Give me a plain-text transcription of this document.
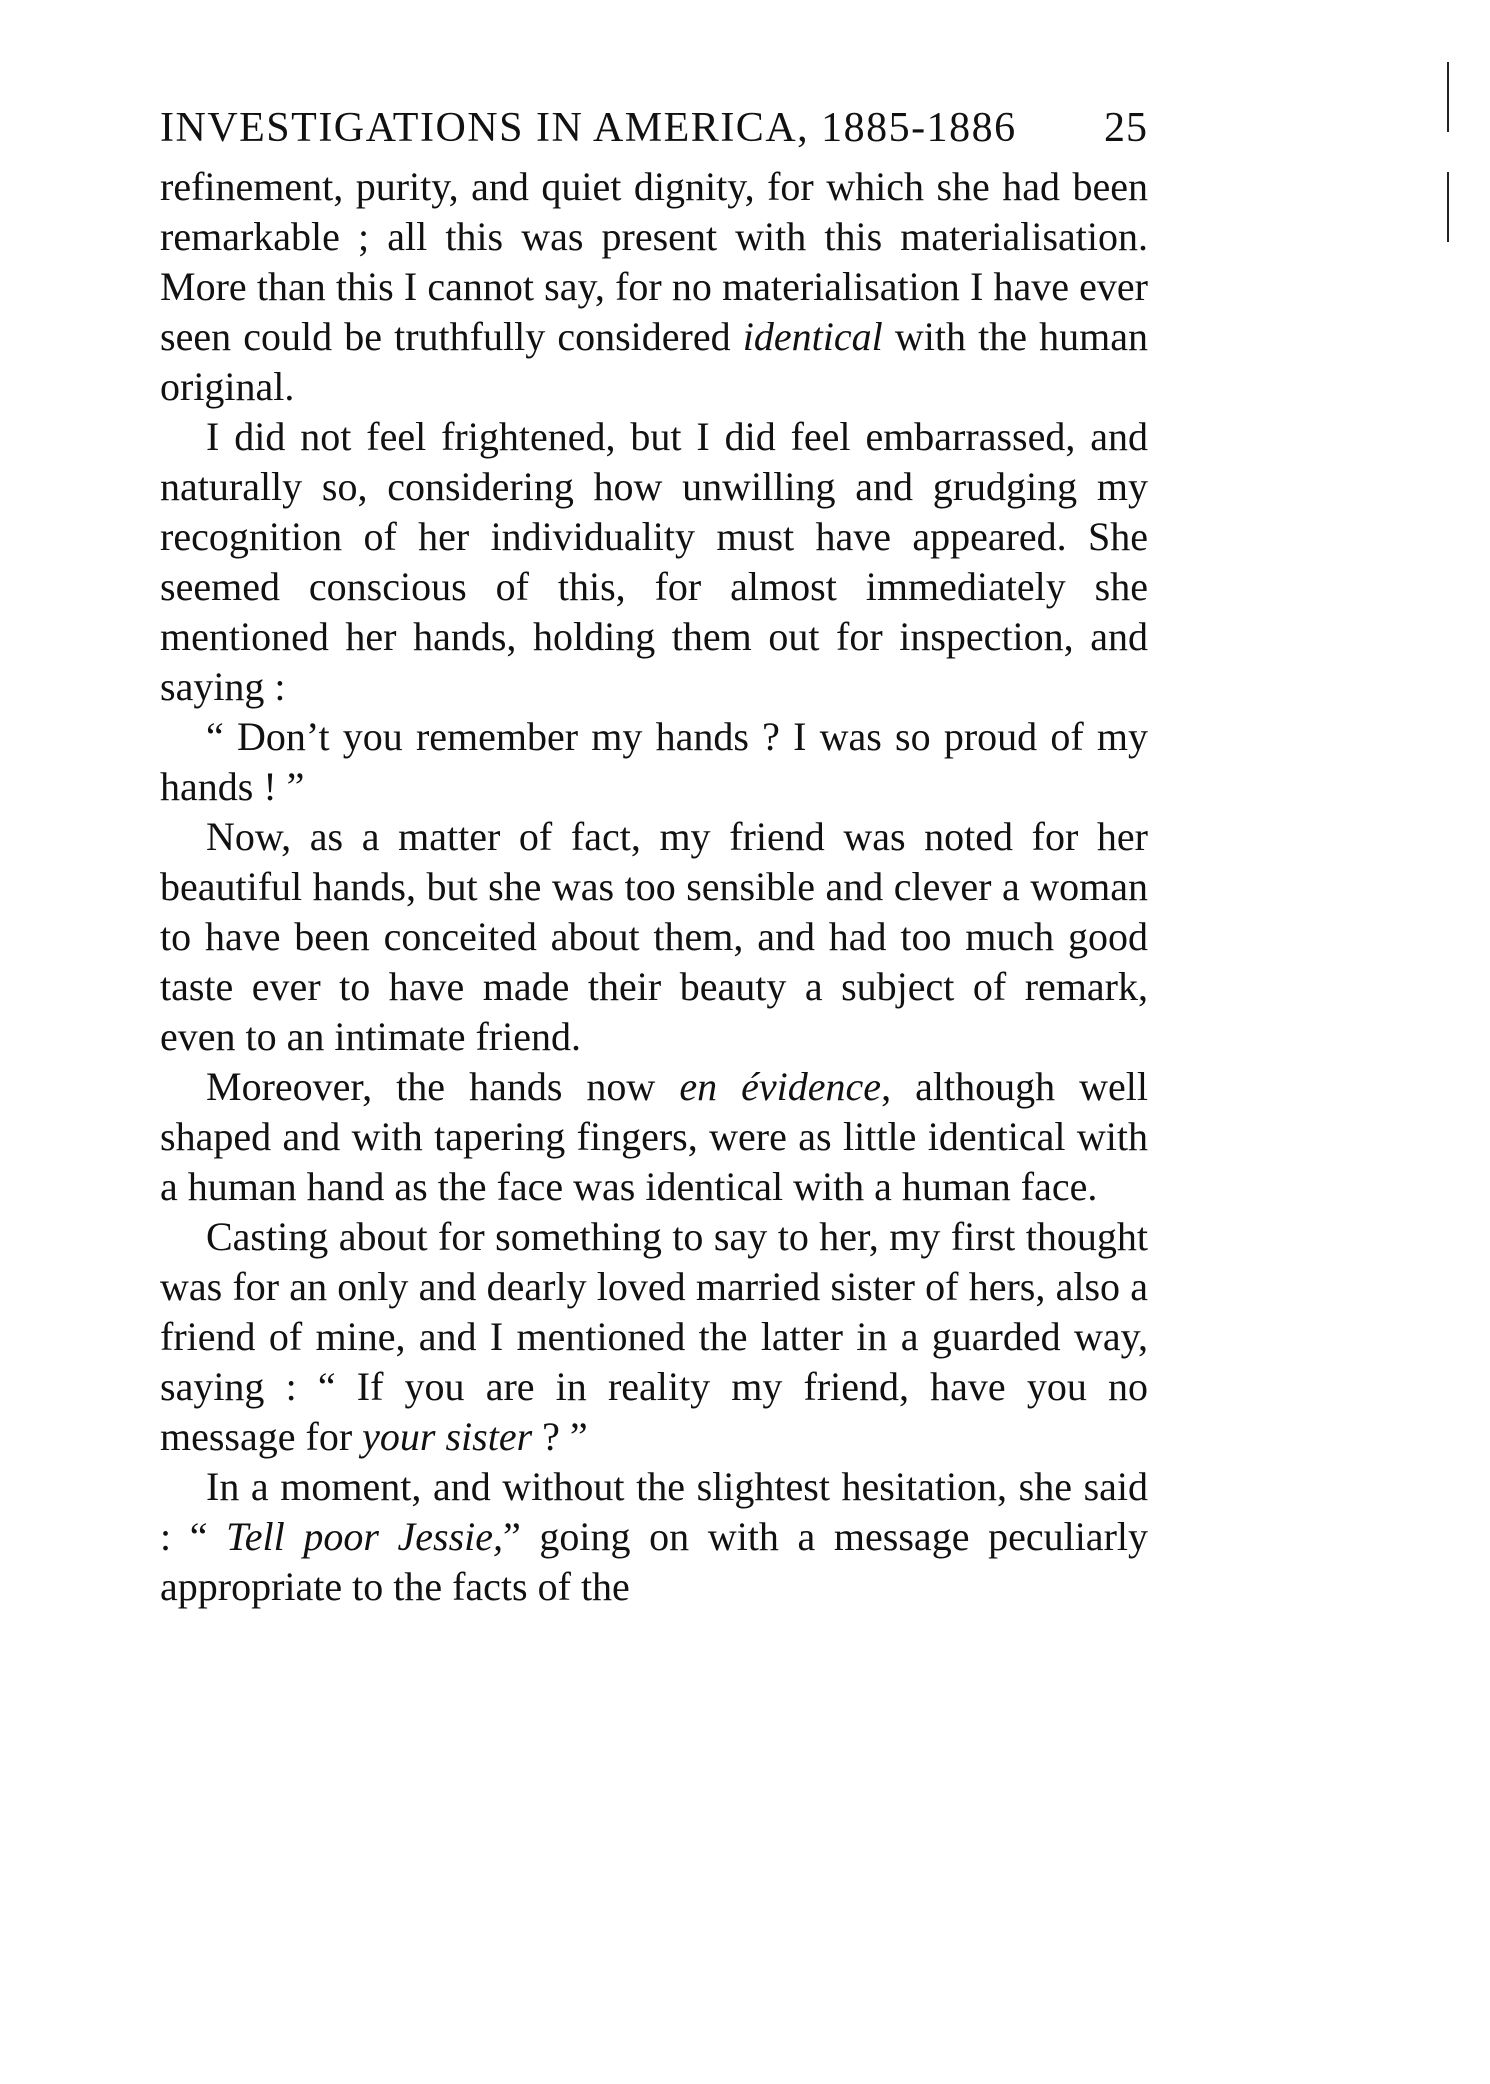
INVESTIGATIONS IN AMERICA, 1885-1886 25

refinement, purity, and quiet dignity, for which she had been remarkable ; all this was present with this materialisation. More than this I cannot say, for no materialisation I have ever seen could be truthfully considered identical with the human original.

I did not feel frightened, but I did feel embarrassed, and naturally so, considering how unwilling and grudging my recognition of her individuality must have appeared. She seemed conscious of this, for almost immediately she mentioned her hands, holding them out for inspection, and saying :

“ Don’t you remember my hands ? I was so proud of my hands ! ”

Now, as a matter of fact, my friend was noted for her beautiful hands, but she was too sensible and clever a woman to have been conceited about them, and had too much good taste ever to have made their beauty a subject of remark, even to an intimate friend.

Moreover, the hands now en évidence, although well shaped and with tapering fingers, were as little identical with a human hand as the face was identical with a human face.

Casting about for something to say to her, my first thought was for an only and dearly loved married sister of hers, also a friend of mine, and I mentioned the latter in a guarded way, saying : “ If you are in reality my friend, have you no message for your sister ? ”

In a moment, and without the slightest hesitation, she said : “ Tell poor Jessie,” going on with a message peculiarly appropriate to the facts of the
